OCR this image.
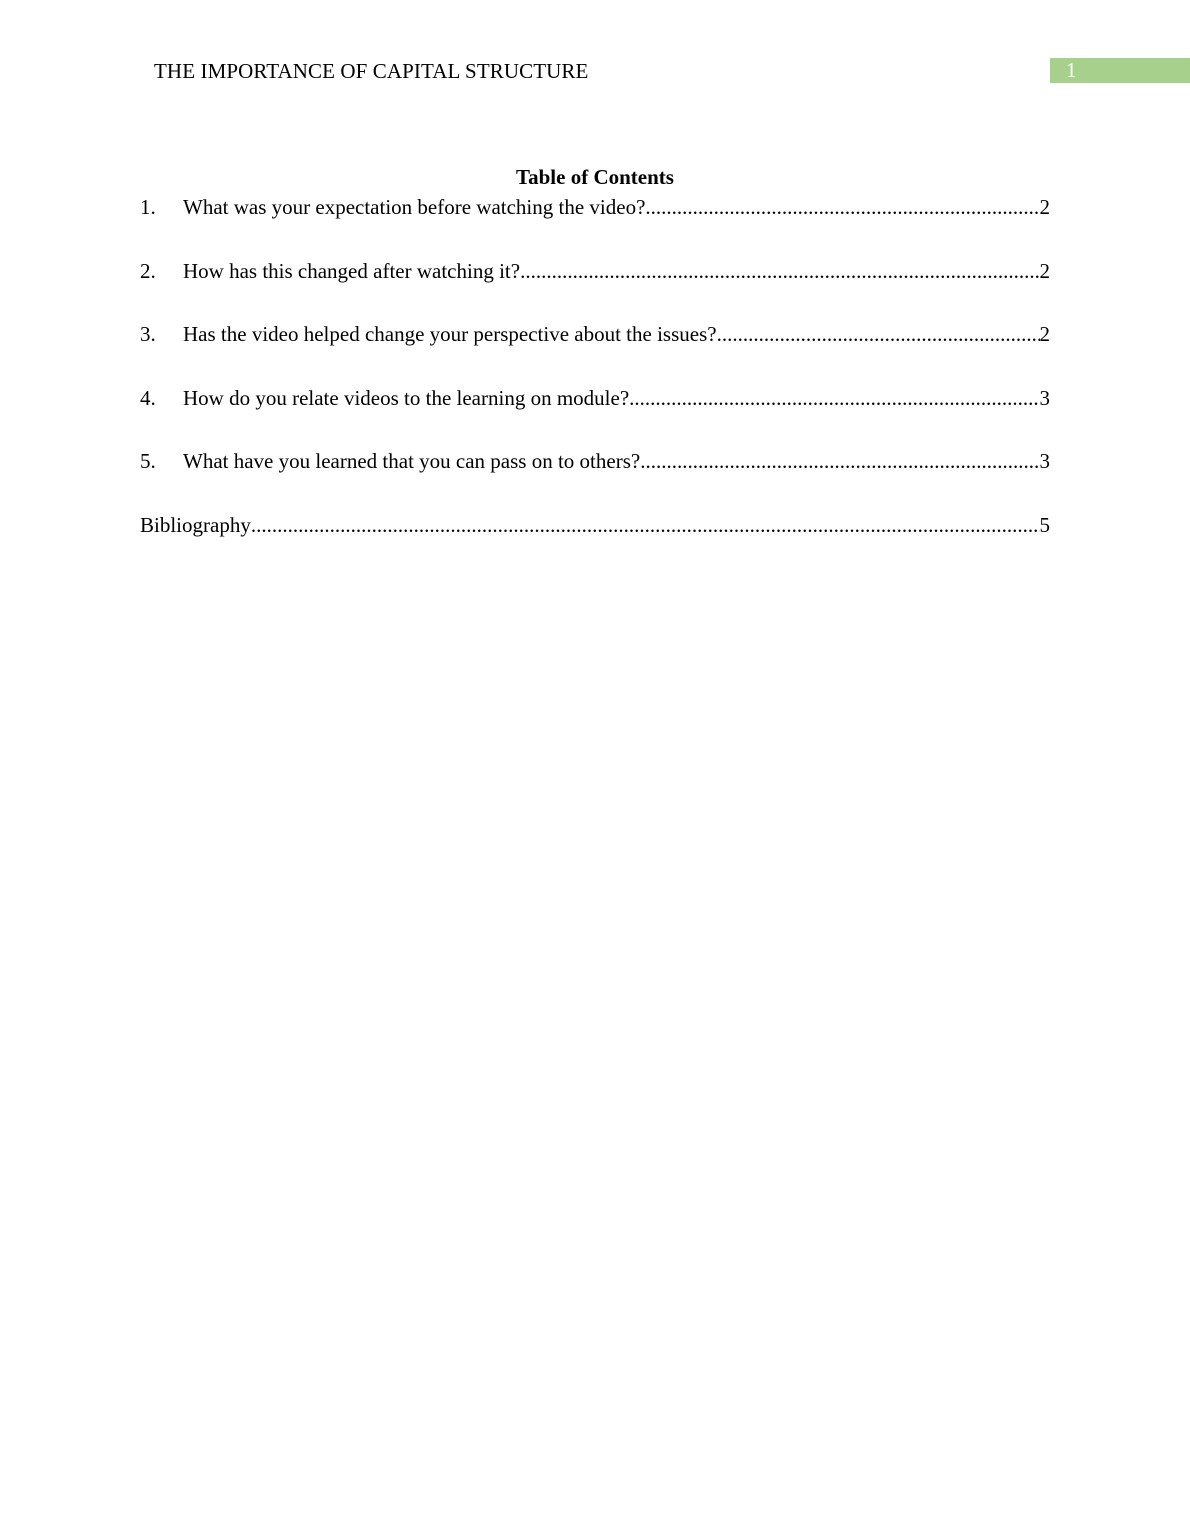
THE IMPORTANCE OF CAPITAL STRUCTURE	1
Table of Contents
1.	What was your expectation before watching the video? .....	2
2.	How has this changed after watching it? .....	2
3.	Has the video helped change your perspective about the issues? .....	2
4.	How do you relate videos to the learning on module? .....	3
5.	What have you learned that you can pass on to others? .....	3
Bibliography .....	5
